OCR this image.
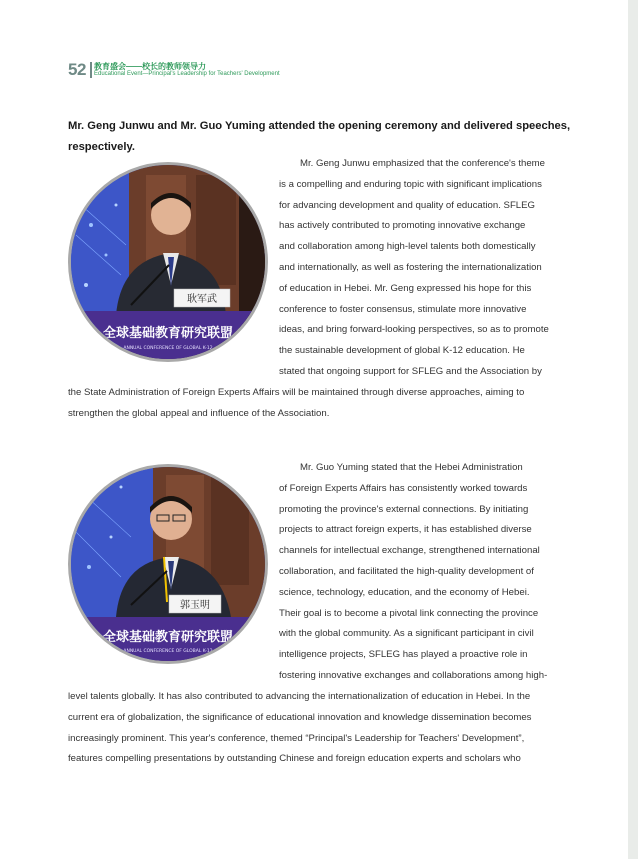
52 教育盛会——校长的教师领导力
Educational Event—Principal's Leadership for Teachers' Development
Mr. Geng Junwu and Mr. Guo Yuming attended the opening ceremony and delivered speeches, respectively.
耿军武
全球基础教育研究联盟
ANNUAL CONFERENCE OF GLOBAL K-12
Mr. Geng Junwu emphasized that the conference's theme
is a compelling and enduring topic with significant implications
for advancing development and quality of education. SFLEG
has actively contributed to promoting innovative exchange
and collaboration among high-level talents both domestically
and internationally, as well as fostering the internationalization
of education in Hebei. Mr. Geng expressed his hope for this
conference to foster consensus, stimulate more innovative
ideas, and bring forward-looking perspectives, so as to promote
the sustainable development of global K-12 education. He
stated that ongoing support for SFLEG and the Association by
the State Administration of Foreign Experts Affairs will be maintained through diverse approaches, aiming to
strengthen the global appeal and influence of the Association.
郭玉明
全球基础教育研究联盟
ANNUAL CONFERENCE OF GLOBAL K-12
Mr. Guo Yuming stated that the Hebei Administration
of Foreign Experts Affairs has consistently worked towards
promoting the province's external connections. By initiating
projects to attract foreign experts, it has established diverse
channels for intellectual exchange, strengthened international
collaboration, and facilitated the high-quality development of
science, technology, education, and the economy of Hebei.
Their goal is to become a pivotal link connecting the province
with the global community. As a significant participant in civil
intelligence projects, SFLEG has played a proactive role in
fostering innovative exchanges and collaborations among high-
level talents globally. It has also contributed to advancing the internationalization of education in Hebei. In the
current era of globalization, the significance of educational innovation and knowledge dissemination becomes
increasingly prominent. This year's conference, themed “Principal's Leadership for Teachers' Development”,
features compelling presentations by outstanding Chinese and foreign education experts and scholars who
